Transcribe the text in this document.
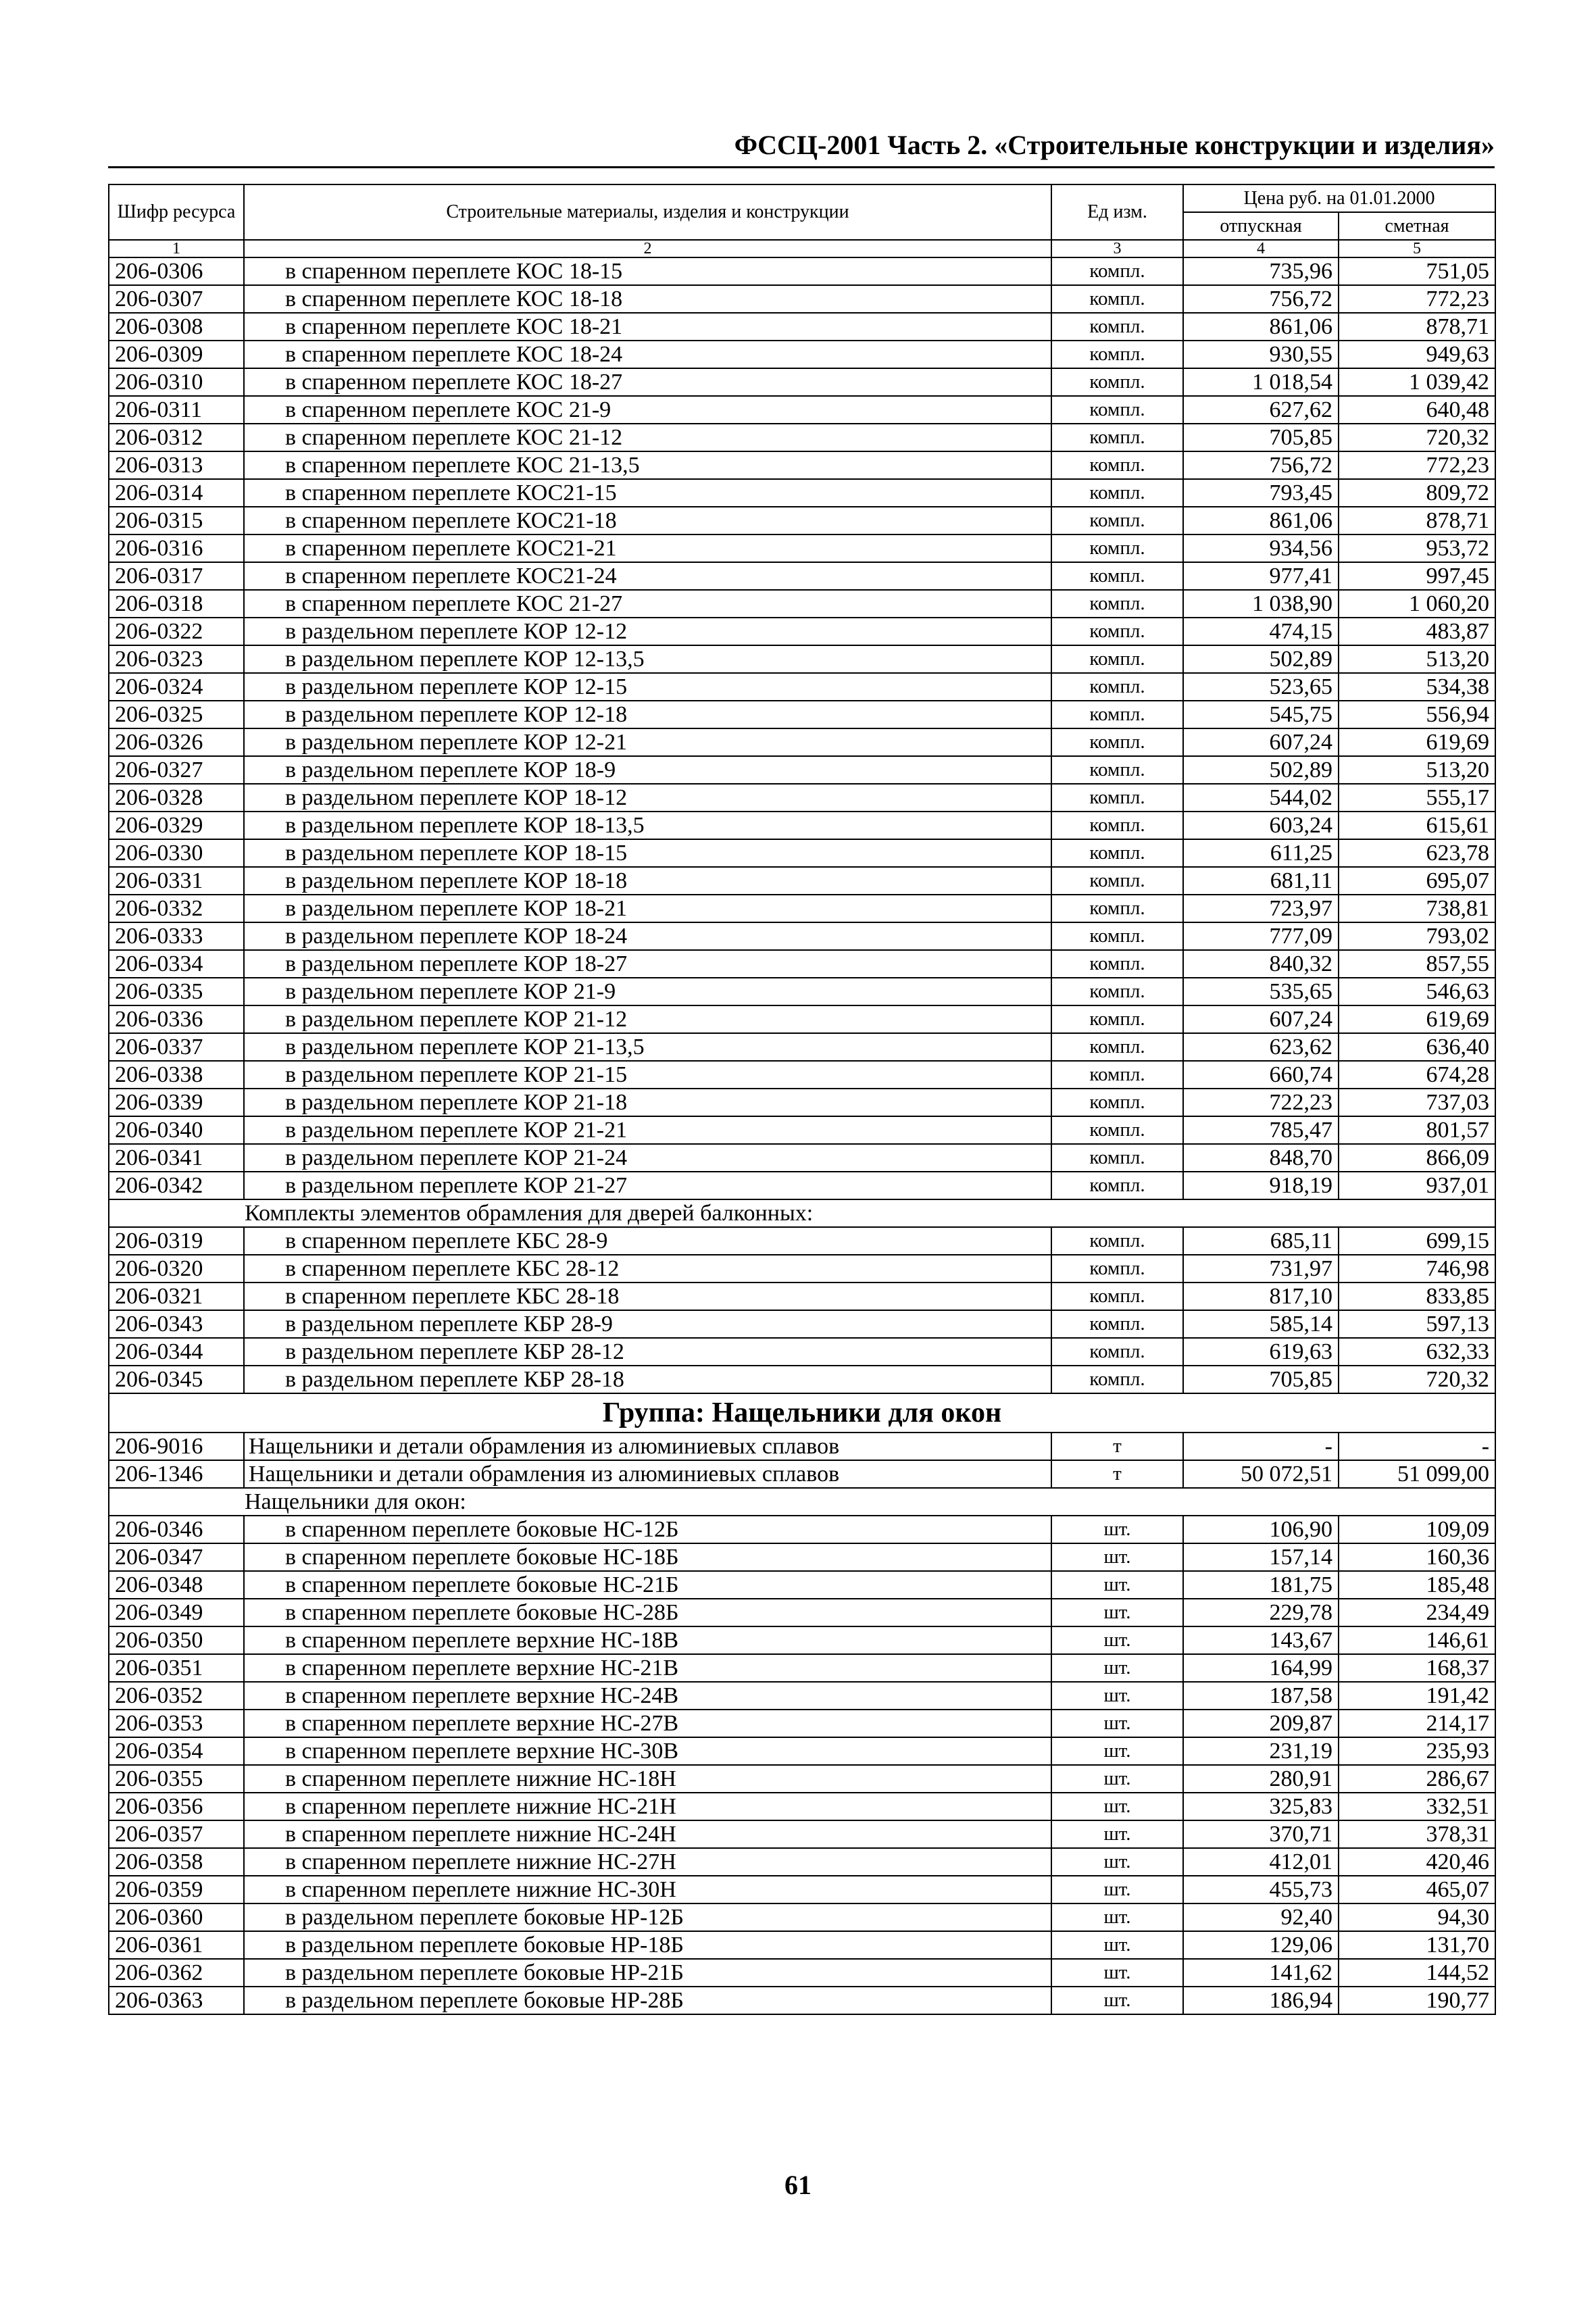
ФССЦ-2001 Часть 2. «Строительные конструкции и изделия»
Шифр ресурса	Строительные материалы, изделия и конструкции	Ед изм.	Цена руб. на 01.01.2000	
			отпускная	сметная
1	2	3	4	5
206-0306	в спаренном переплете КОС 18-15	компл.	735,96	751,05
206-0307	в спаренном переплете КОС 18-18	компл.	756,72	772,23
206-0308	в спаренном переплете КОС 18-21	компл.	861,06	878,71
206-0309	в спаренном переплете КОС 18-24	компл.	930,55	949,63
206-0310	в спаренном переплете КОС 18-27	компл.	1 018,54	1 039,42
206-0311	в спаренном переплете КОС 21-9	компл.	627,62	640,48
206-0312	в спаренном переплете КОС 21-12	компл.	705,85	720,32
206-0313	в спаренном переплете КОС 21-13,5	компл.	756,72	772,23
206-0314	в спаренном переплете КОС21-15	компл.	793,45	809,72
206-0315	в спаренном переплете КОС21-18	компл.	861,06	878,71
206-0316	в спаренном переплете КОС21-21	компл.	934,56	953,72
206-0317	в спаренном переплете КОС21-24	компл.	977,41	997,45
206-0318	в спаренном переплете КОС 21-27	компл.	1 038,90	1 060,20
206-0322	в раздельном переплете КОР 12-12	компл.	474,15	483,87
206-0323	в раздельном переплете КОР 12-13,5	компл.	502,89	513,20
206-0324	в раздельном переплете КОР 12-15	компл.	523,65	534,38
206-0325	в раздельном переплете КОР 12-18	компл.	545,75	556,94
206-0326	в раздельном переплете КОР 12-21	компл.	607,24	619,69
206-0327	в раздельном переплете КОР 18-9	компл.	502,89	513,20
206-0328	в раздельном переплете КОР 18-12	компл.	544,02	555,17
206-0329	в раздельном переплете КОР 18-13,5	компл.	603,24	615,61
206-0330	в раздельном переплете КОР 18-15	компл.	611,25	623,78
206-0331	в раздельном переплете КОР 18-18	компл.	681,11	695,07
206-0332	в раздельном переплете КОР 18-21	компл.	723,97	738,81
206-0333	в раздельном переплете КОР 18-24	компл.	777,09	793,02
206-0334	в раздельном переплете КОР 18-27	компл.	840,32	857,55
206-0335	в раздельном переплете КОР 21-9	компл.	535,65	546,63
206-0336	в раздельном переплете КОР 21-12	компл.	607,24	619,69
206-0337	в раздельном переплете КОР 21-13,5	компл.	623,62	636,40
206-0338	в раздельном переплете КОР 21-15	компл.	660,74	674,28
206-0339	в раздельном переплете КОР 21-18	компл.	722,23	737,03
206-0340	в раздельном переплете КОР 21-21	компл.	785,47	801,57
206-0341	в раздельном переплете КОР 21-24	компл.	848,70	866,09
206-0342	в раздельном переплете КОР 21-27	компл.	918,19	937,01
Комплекты элементов обрамления для дверей балконных:				
206-0319	в спаренном переплете КБС 28-9	компл.	685,11	699,15
206-0320	в спаренном переплете КБС 28-12	компл.	731,97	746,98
206-0321	в спаренном переплете КБС 28-18	компл.	817,10	833,85
206-0343	в раздельном переплете КБР 28-9	компл.	585,14	597,13
206-0344	в раздельном переплете КБР 28-12	компл.	619,63	632,33
206-0345	в раздельном переплете КБР 28-18	компл.	705,85	720,32
Группа: Нащельники для окон				
206-9016	Нащельники и детали обрамления из алюминиевых сплавов	т	-	-
206-1346	Нащельники и детали обрамления из алюминиевых сплавов	т	50 072,51	51 099,00
Нащельники для окон:				
206-0346	в спаренном переплете боковые НС-12Б	шт.	106,90	109,09
206-0347	в спаренном переплете боковые НС-18Б	шт.	157,14	160,36
206-0348	в спаренном переплете боковые НС-21Б	шт.	181,75	185,48
206-0349	в спаренном переплете боковые НС-28Б	шт.	229,78	234,49
206-0350	в спаренном переплете верхние НС-18В	шт.	143,67	146,61
206-0351	в спаренном переплете верхние НС-21В	шт.	164,99	168,37
206-0352	в спаренном переплете верхние НС-24В	шт.	187,58	191,42
206-0353	в спаренном переплете верхние НС-27В	шт.	209,87	214,17
206-0354	в спаренном переплете верхние НС-30В	шт.	231,19	235,93
206-0355	в спаренном переплете нижние НС-18Н	шт.	280,91	286,67
206-0356	в спаренном переплете нижние НС-21Н	шт.	325,83	332,51
206-0357	в спаренном переплете нижние НС-24Н	шт.	370,71	378,31
206-0358	в спаренном переплете нижние НС-27Н	шт.	412,01	420,46
206-0359	в спаренном переплете нижние НС-30Н	шт.	455,73	465,07
206-0360	в раздельном переплете боковые НР-12Б	шт.	92,40	94,30
206-0361	в раздельном переплете боковые НР-18Б	шт.	129,06	131,70
206-0362	в раздельном переплете боковые НР-21Б	шт.	141,62	144,52
206-0363	в раздельном переплете боковые НР-28Б	шт.	186,94	190,77
61
